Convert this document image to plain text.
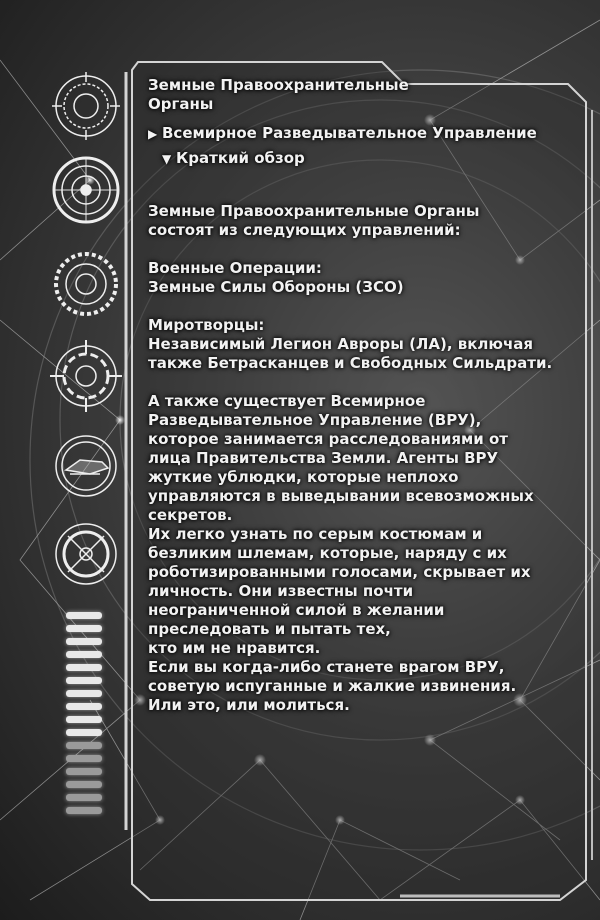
Земные Правоохранительные Органы
▶ Всемирное Разведывательное Управление
▼ Краткий обзор
Земные Правоохранительные Органы
состоят из следующих управлений:
Военные Операции:
Земные Силы Обороны (ЗСО)
Миротворцы:
Независимый Легион Авроры (ЛА), включая
также Бетрасканцев и Свободных Сильдрати.
А также существует Всемирное
Разведывательное Управление (ВРУ),
которое занимается расследованиями от
лица Правительства Земли. Агенты ВРУ
жуткие ублюдки, которые неплохо
управляются в выведывании всевозможных
секретов.
Их легко узнать по серым костюмам и
безликим шлемам, которые, наряду с их
роботизированными голосами, скрывает их
личность. Они известны почти
неограниченной силой в желании
преследовать и пытать тех,
кто им не нравится.
Если вы когда-либо станете врагом ВРУ,
советую испуганные и жалкие извинения.
Или это, или молиться.
